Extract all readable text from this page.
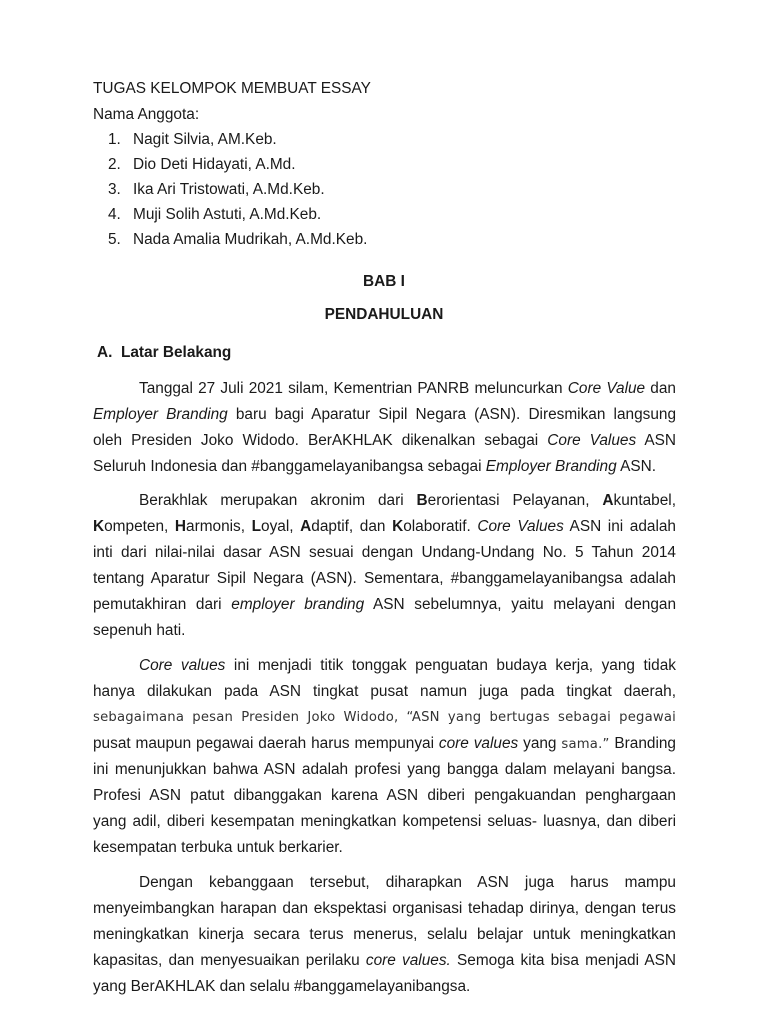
TUGAS KELOMPOK MEMBUAT ESSAY
Nama Anggota:
1. Nagit Silvia, AM.Keb.
2. Dio Deti Hidayati, A.Md.
3. Ika Ari Tristowati, A.Md.Keb.
4. Muji Solih Astuti, A.Md.Keb.
5. Nada Amalia Mudrikah, A.Md.Keb.
BAB I
PENDAHULUAN
A. Latar Belakang
Tanggal 27 Juli 2021 silam, Kementrian PANRB meluncurkan Core Value dan
Employer Branding baru bagi Aparatur Sipil Negara (ASN). Diresmikan langsung
oleh Presiden Joko Widodo. BerAKHLAK dikenalkan sebagai Core Values ASN
Seluruh Indonesia dan #banggamelayanibangsa sebagai Employer Branding ASN.
Berakhlak merupakan akronim dari Berorientasi Pelayanan, Akuntabel,
Kompeten, Harmonis, Loyal, Adaptif, dan Kolaboratif. Core Values ASN ini adalah
inti dari nilai-nilai dasar ASN sesuai dengan Undang-Undang No. 5 Tahun 2014
tentang Aparatur Sipil Negara (ASN). Sementara, #banggamelayanibangsa adalah
pemutakhiran dari employer branding ASN sebelumnya, yaitu melayani dengan
sepenuh hati.
Core values ini menjadi titik tonggak penguatan budaya kerja, yang tidak
hanya dilakukan pada ASN tingkat pusat namun juga pada tingkat daerah,
sebagaimana pesan Presiden Joko Widodo, “ASN yang bertugas sebagai pegawai
pusat maupun pegawai daerah harus mempunyai core values yang sama.” Branding
ini menunjukkan bahwa ASN adalah profesi yang bangga dalam melayani bangsa.
Profesi ASN patut dibanggakan karena ASN diberi pengakuandan penghargaan
yang adil, diberi kesempatan meningkatkan kompetensi seluas- luasnya, dan diberi
kesempatan terbuka untuk berkarier.
Dengan kebanggaan tersebut, diharapkan ASN juga harus mampu
menyeimbangkan harapan dan ekspektasi organisasi tehadap dirinya, dengan terus
meningkatkan kinerja secara terus menerus, selalu belajar untuk meningkatkan
kapasitas, dan menyesuaikan perilaku core values. Semoga kita bisa menjadi ASN
yang BerAKHLAK dan selalu #banggamelayanibangsa.
